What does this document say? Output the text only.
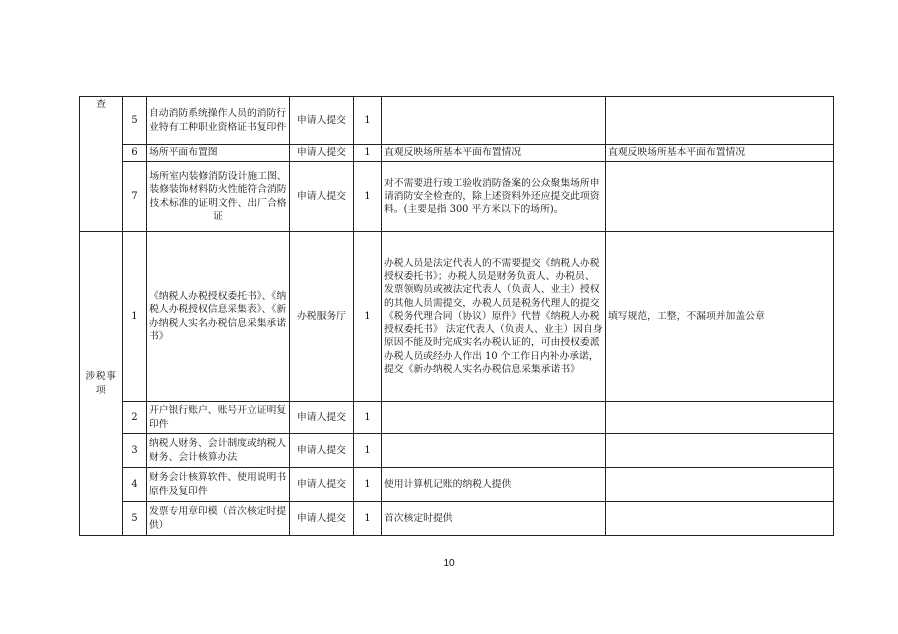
查	5	自动消防系统操作人员的消防行业特有工种职业资格证书复印件	申请人提交	1		
	6	场所平面布置图	申请人提交	1	直观反映场所基本平面布置情况	直观反映场所基本平面布置情况
	7	场所室内装修消防设计施工图、装修装饰材料防火性能符合消防技术标准的证明文件、出厂合格证	申请人提交	1	对不需要进行竣工验收消防备案的公众聚集场所申请消防安全检查的，除上述资料外还应提交此项资料。(主要是指 300 平方米以下的场所)。	
涉税事项	1	《纳税人办税授权委托书》、《纳税人办税授权信息采集表》、《新办纳税人实名办税信息采集承诺书》	办税服务厅	1	办税人员是法定代表人的不需要提交《纳税人办税授权委托书》；办税人员是财务负责人、办税员、发票领购员或被法定代表人（负责人、业主）授权的其他人员需提交，办税人员是税务代理人的提交《税务代理合同（协议）原件》代替《纳税人办税授权委托书》 法定代表人（负责人、业主）因自身原因不能及时完成实名办税认证的，可由授权委派办税人员或经办人作出 10 个工作日内补办承诺，提交《新办纳税人实名办税信息采集承诺书》	填写规范，工整，不漏项并加盖公章
	2	开户银行账户、账号开立证明复印件	申请人提交	1		
	3	纳税人财务、会计制度或纳税人财务、会计核算办法	申请人提交	1		
	4	财务会计核算软件、使用说明书原件及复印件	申请人提交	1	使用计算机记账的纳税人提供	
	5	发票专用章印模（首次核定时提供）	申请人提交	1	首次核定时提供	
10
